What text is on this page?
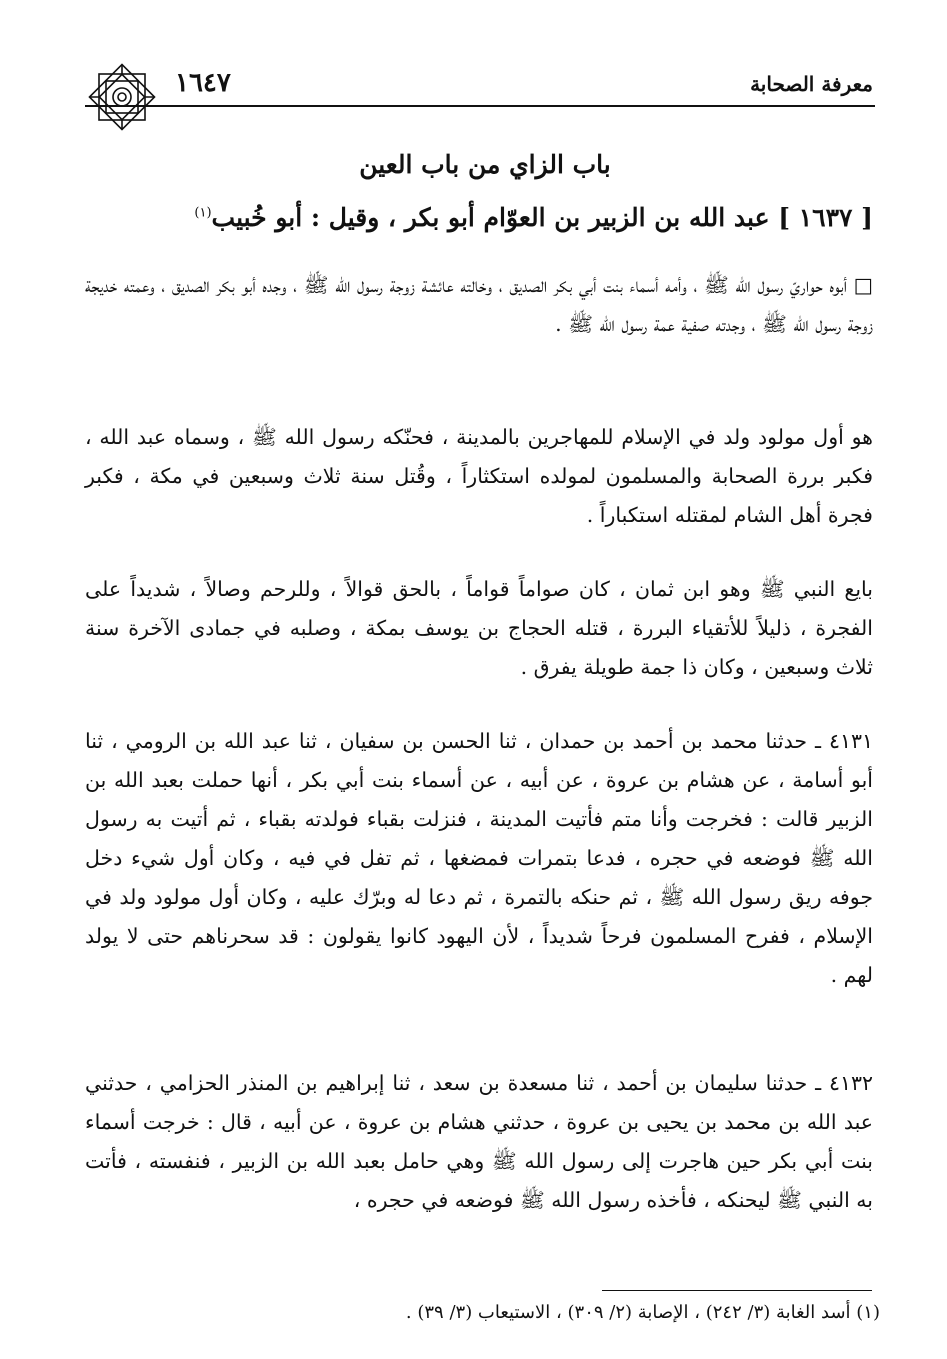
١٦٤٧	معرفة الصحابة
باب الزاي من باب العين
[ ١٦٣٧ ] عبد الله بن الزبير بن العوّام أبو بكر ، وقيل : أبو خُبيب$^{(١)}$
□ أبوه حواريّ رسول الله ﷺ ، وأمه أسماء بنت أبي بكر الصديق ، وخالته عائشة زوجة رسول الله ﷺ ، وجده أبو بكر الصديق ، وعمته خديجة زوجة رسول الله ﷺ ، وجدته صفية عمة رسول الله ﷺ .
هو أول مولود ولد في الإسلام للمهاجرين بالمدينة ، فحنّكه رسول الله ﷺ ، وسماه عبد الله ، فكبر بررة الصحابة والمسلمون لمولده استكثاراً ، وقُتل سنة ثلاث وسبعين في مكة ، فكبر فجرة أهل الشام لمقتله استكباراً .
بايع النبي ﷺ وهو ابن ثمان ، كان صواماً قواماً ، بالحق قوالاً ، وللرحم وصالاً ، شديداً على الفجرة ، ذليلاً للأتقياء البررة ، قتله الحجاج بن يوسف بمكة ، وصلبه في جمادى الآخرة سنة ثلاث وسبعين ، وكان ذا جمة طويلة يفرق .
٤١٣١ ـ حدثنا محمد بن أحمد بن حمدان ، ثنا الحسن بن سفيان ، ثنا عبد الله بن الرومي ، ثنا أبو أسامة ، عن هشام بن عروة ، عن أبيه ، عن أسماء بنت أبي بكر ، أنها حملت بعبد الله بن الزبير قالت : فخرجت وأنا متم فأتيت المدينة ، فنزلت بقباء فولدته بقباء ، ثم أتيت به رسول الله ﷺ فوضعه في حجره ، فدعا بتمرات فمضغها ، ثم تفل في فيه ، وكان أول شيء دخل جوفه ريق رسول الله ﷺ ، ثم حنكه بالتمرة ، ثم دعا له وبرّك عليه ، وكان أول مولود ولد في الإسلام ، ففرح المسلمون فرحاً شديداً ، لأن اليهود كانوا يقولون : قد سحرناهم حتى لا يولد لهم .
٤١٣٢ ـ حدثنا سليمان بن أحمد ، ثنا مسعدة بن سعد ، ثنا إبراهيم بن المنذر الحزامي ، حدثني عبد الله بن محمد بن يحيى بن عروة ، حدثني هشام بن عروة ، عن أبيه ، قال : خرجت أسماء بنت أبي بكر حين هاجرت إلى رسول الله ﷺ وهي حامل بعبد الله بن الزبير ، فنفسته ، فأتت به النبي ﷺ ليحنكه ، فأخذه رسول الله ﷺ فوضعه في حجره ،
(١) أسد الغابة (٣/ ٢٤٢) ، الإصابة (٢/ ٣٠٩) ، الاستيعاب (٣/ ٣٩) .
